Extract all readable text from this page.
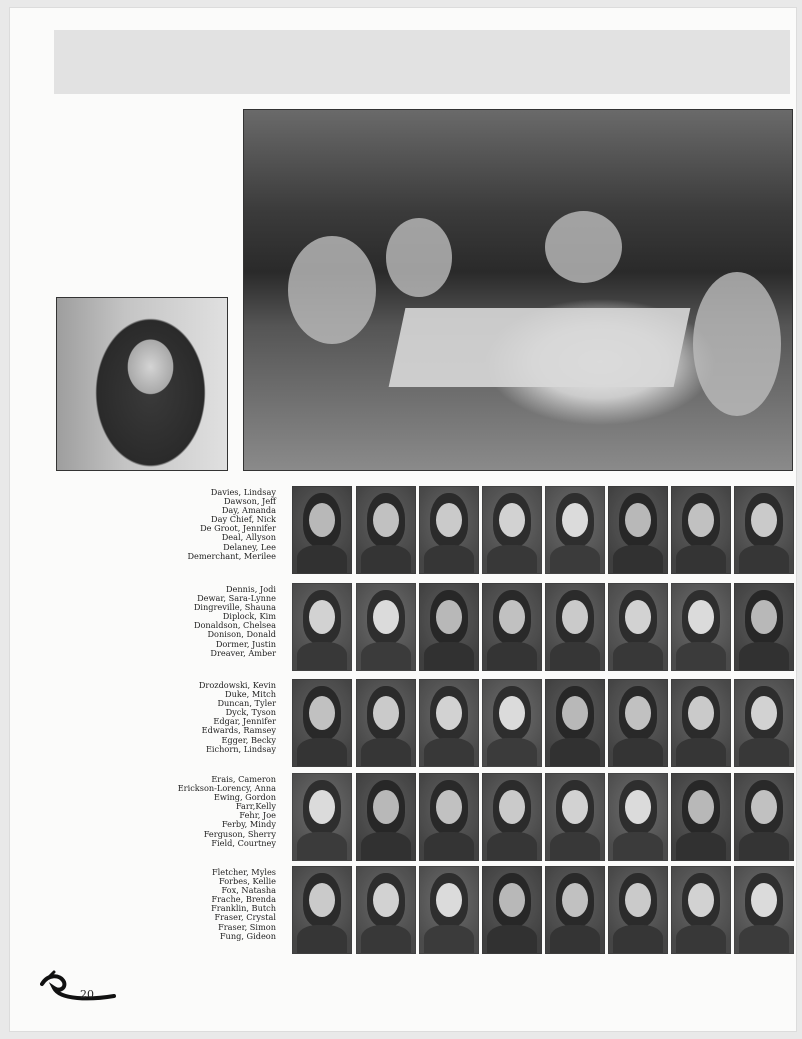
Davies, Lindsay
Dawson, Jeff
Day, Amanda
Day Chief, Nick
De Groot, Jennifer
Deal, Allyson
Delaney, Lee
Demerchant, Merilee
Dennis, Jodi
Dewar, Sara-Lynne
Dingreville, Shauna
Diplock, Kim
Donaldson, Chelsea
Donison, Donald
Dormer, Justin
Dreaver, Amber
Drozdowski, Kevin
Duke, Mitch
Duncan, Tyler
Dyck, Tyson
Edgar, Jennifer
Edwards, Ramsey
Egger, Becky
Eichorn, Lindsay
Erais, Cameron
Erickson-Lorency, Anna
Ewing, Gordon
Farr,Kelly
Fehr, Joe
Ferby, Mindy
Ferguson, Sherry
Field, Courtney
Fletcher, Myles
Forbes, Kellie
Fox, Natasha
Frache, Brenda
Franklin, Butch
Fraser, Crystal
Fraser, Simon
Fung, Gideon
20
